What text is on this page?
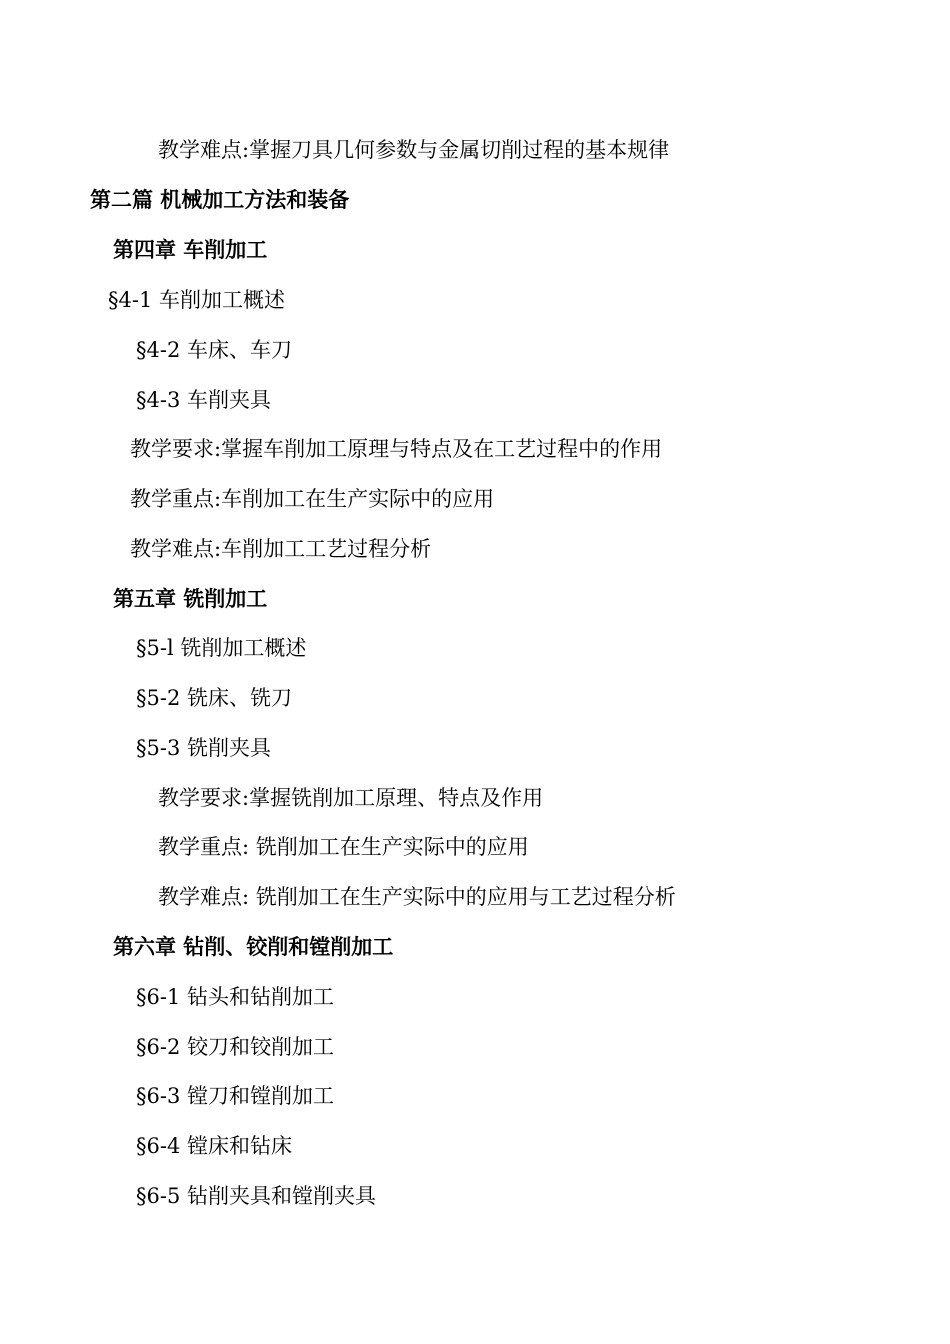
教学难点:掌握刀具几何参数与金属切削过程的基本规律
第二篇 机械加工方法和装备
第四章 车削加工
§4-1 车削加工概述
§4-2 车床、车刀
§4-3 车削夹具
教学要求:掌握车削加工原理与特点及在工艺过程中的作用
教学重点:车削加工在生产实际中的应用
教学难点:车削加工工艺过程分析
第五章 铣削加工
§5-l 铣削加工概述
§5-2 铣床、铣刀
§5-3 铣削夹具
教学要求:掌握铣削加工原理、特点及作用
教学重点: 铣削加工在生产实际中的应用
教学难点: 铣削加工在生产实际中的应用与工艺过程分析
第六章 钻削、铰削和镗削加工
§6-1 钻头和钻削加工
§6-2 铰刀和铰削加工
§6-3 镗刀和镗削加工
§6-4 镗床和钻床
§6-5 钻削夹具和镗削夹具
